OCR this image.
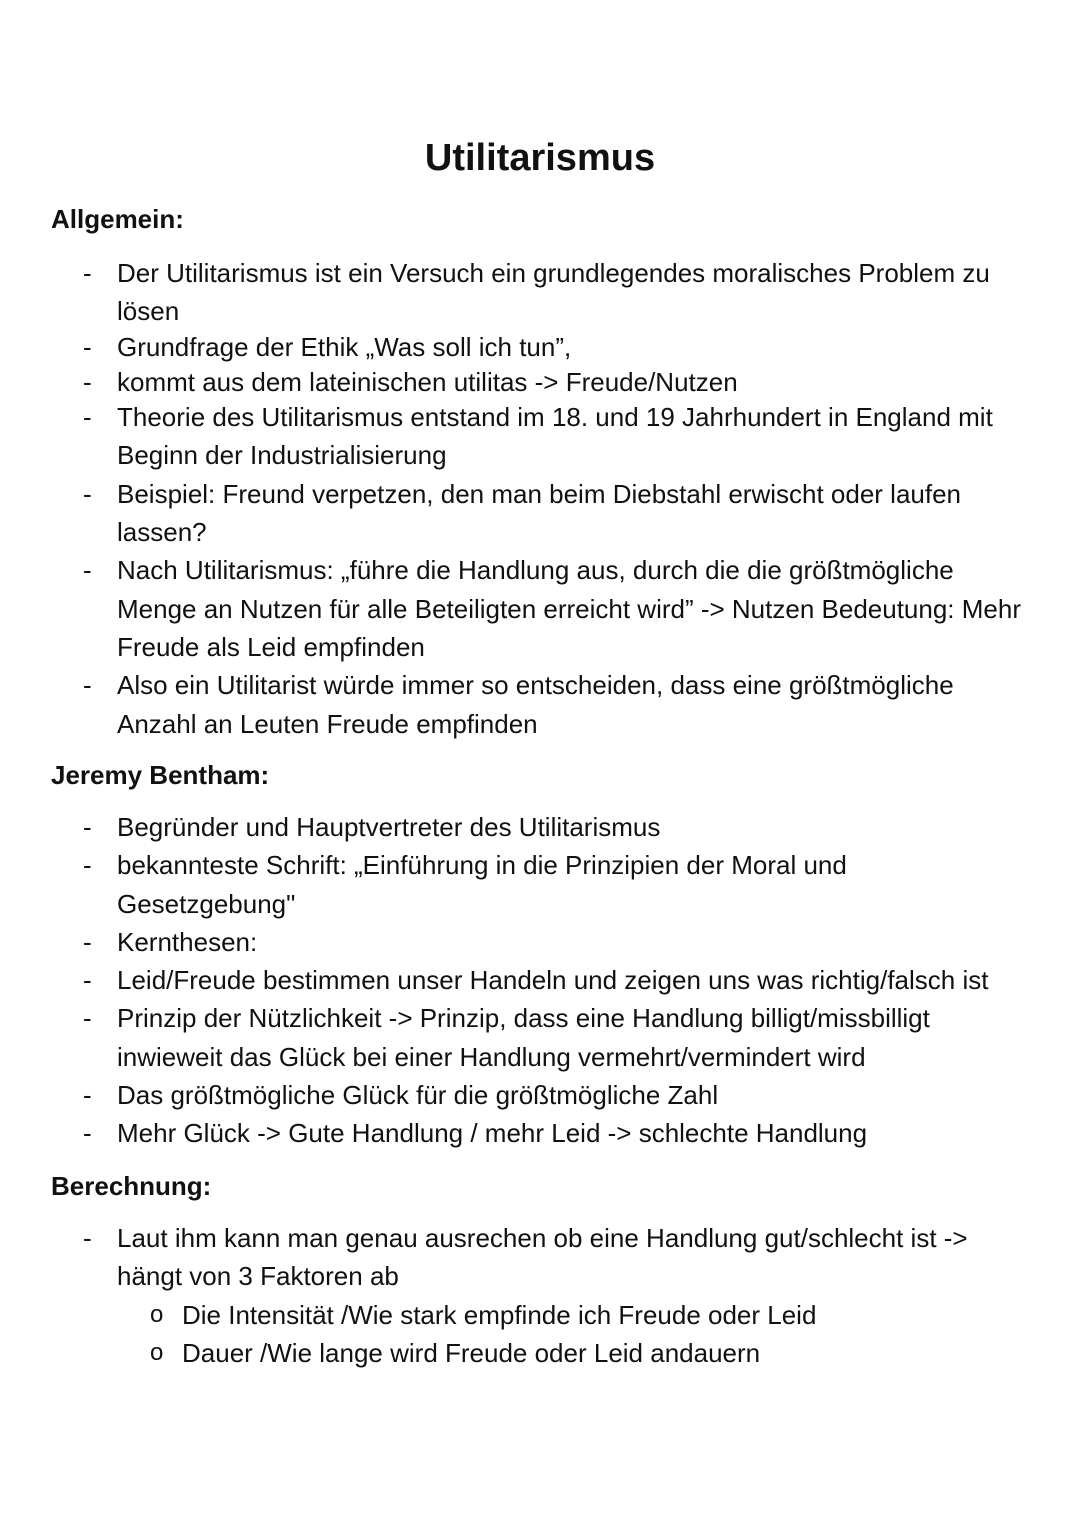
Utilitarismus
Allgemein:
- Der Utilitarismus ist ein Versuch ein grundlegendes moralisches Problem zu lösen
- Grundfrage der Ethik „Was soll ich tun”,
- kommt aus dem lateinischen utilitas -> Freude/Nutzen
- Theorie des Utilitarismus entstand im 18. und 19 Jahrhundert in England mit Beginn der Industrialisierung
- Beispiel: Freund verpetzen, den man beim Diebstahl erwischt oder laufen lassen?
- Nach Utilitarismus: „führe die Handlung aus, durch die die größtmögliche Menge an Nutzen für alle Beteiligten erreicht wird” -> Nutzen Bedeutung: Mehr Freude als Leid empfinden
- Also ein Utilitarist würde immer so entscheiden, dass eine größtmögliche Anzahl an Leuten Freude empfinden
Jeremy Bentham:
- Begründer und Hauptvertreter des Utilitarismus
- bekannteste Schrift: „Einführung in die Prinzipien der Moral und Gesetzgebung"
- Kernthesen:
- Leid/Freude bestimmen unser Handeln und zeigen uns was richtig/falsch ist
- Prinzip der Nützlichkeit -> Prinzip, dass eine Handlung billigt/missbilligt inwieweit das Glück bei einer Handlung vermehrt/vermindert wird
- Das größtmögliche Glück für die größtmögliche Zahl
- Mehr Glück -> Gute Handlung / mehr Leid -> schlechte Handlung
Berechnung:
- Laut ihm kann man genau ausrechen ob eine Handlung gut/schlecht ist -> hängt von 3 Faktoren ab
o Die Intensität /Wie stark empfinde ich Freude oder Leid
o Dauer /Wie lange wird Freude oder Leid andauern
